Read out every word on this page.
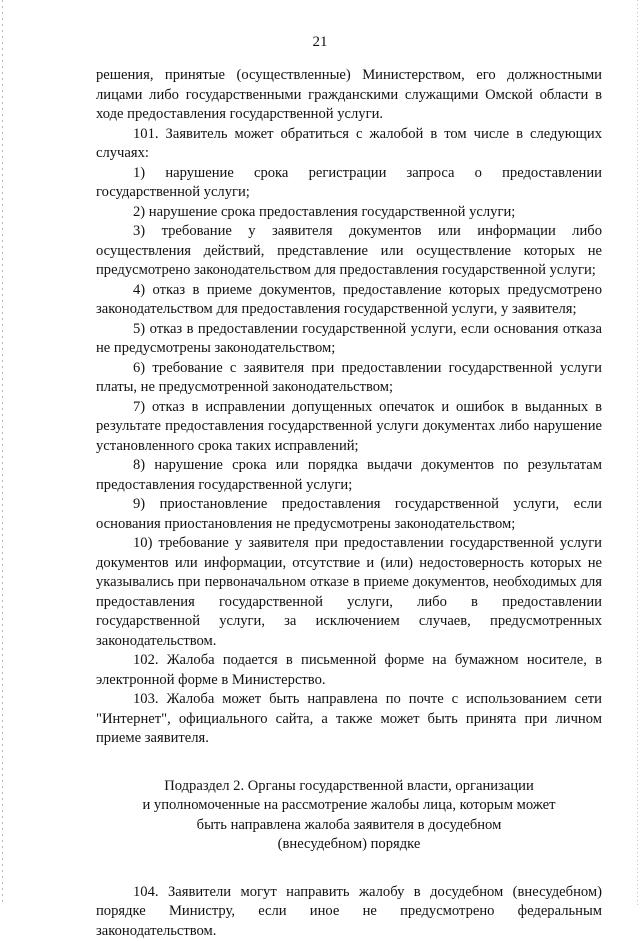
21

решения, принятые (осуществленные) Министерством, его должностными лицами либо государственными гражданскими служащими Омской области в ходе предоставления государственной услуги.

101. Заявитель может обратиться с жалобой в том числе в следующих случаях:

1) нарушение срока регистрации запроса о предоставлении государственной услуги;

2) нарушение срока предоставления государственной услуги;

3) требование у заявителя документов или информации либо осуществления действий, представление или осуществление которых не предусмотрено законодательством для предоставления государственной услуги;

4) отказ в приеме документов, предоставление которых предусмотрено законодательством для предоставления государственной услуги, у заявителя;

5) отказ в предоставлении государственной услуги, если основания отказа не предусмотрены законодательством;

6) требование с заявителя при предоставлении государственной услуги платы, не предусмотренной законодательством;

7) отказ в исправлении допущенных опечаток и ошибок в выданных в результате предоставления государственной услуги документах либо нарушение установленного срока таких исправлений;

8) нарушение срока или порядка выдачи документов по результатам предоставления государственной услуги;

9) приостановление предоставления государственной услуги, если основания приостановления не предусмотрены законодательством;

10) требование у заявителя при предоставлении государственной услуги документов или информации, отсутствие и (или) недостоверность которых не указывались при первоначальном отказе в приеме документов, необходимых для предоставления государственной услуги, либо в предоставлении государственной услуги, за исключением случаев, предусмотренных законодательством.

102. Жалоба подается в письменной форме на бумажном носителе, в электронной форме в Министерство.

103. Жалоба может быть направлена по почте с использованием сети "Интернет", официального сайта, а также может быть принята при личном приеме заявителя.

Подраздел 2. Органы государственной власти, организации
и уполномоченные на рассмотрение жалобы лица, которым может
быть направлена жалоба заявителя в досудебном
(внесудебном) порядке

104. Заявители могут направить жалобу в досудебном (внесудебном) порядке Министру, если иное не предусмотрено федеральным законодательством.
